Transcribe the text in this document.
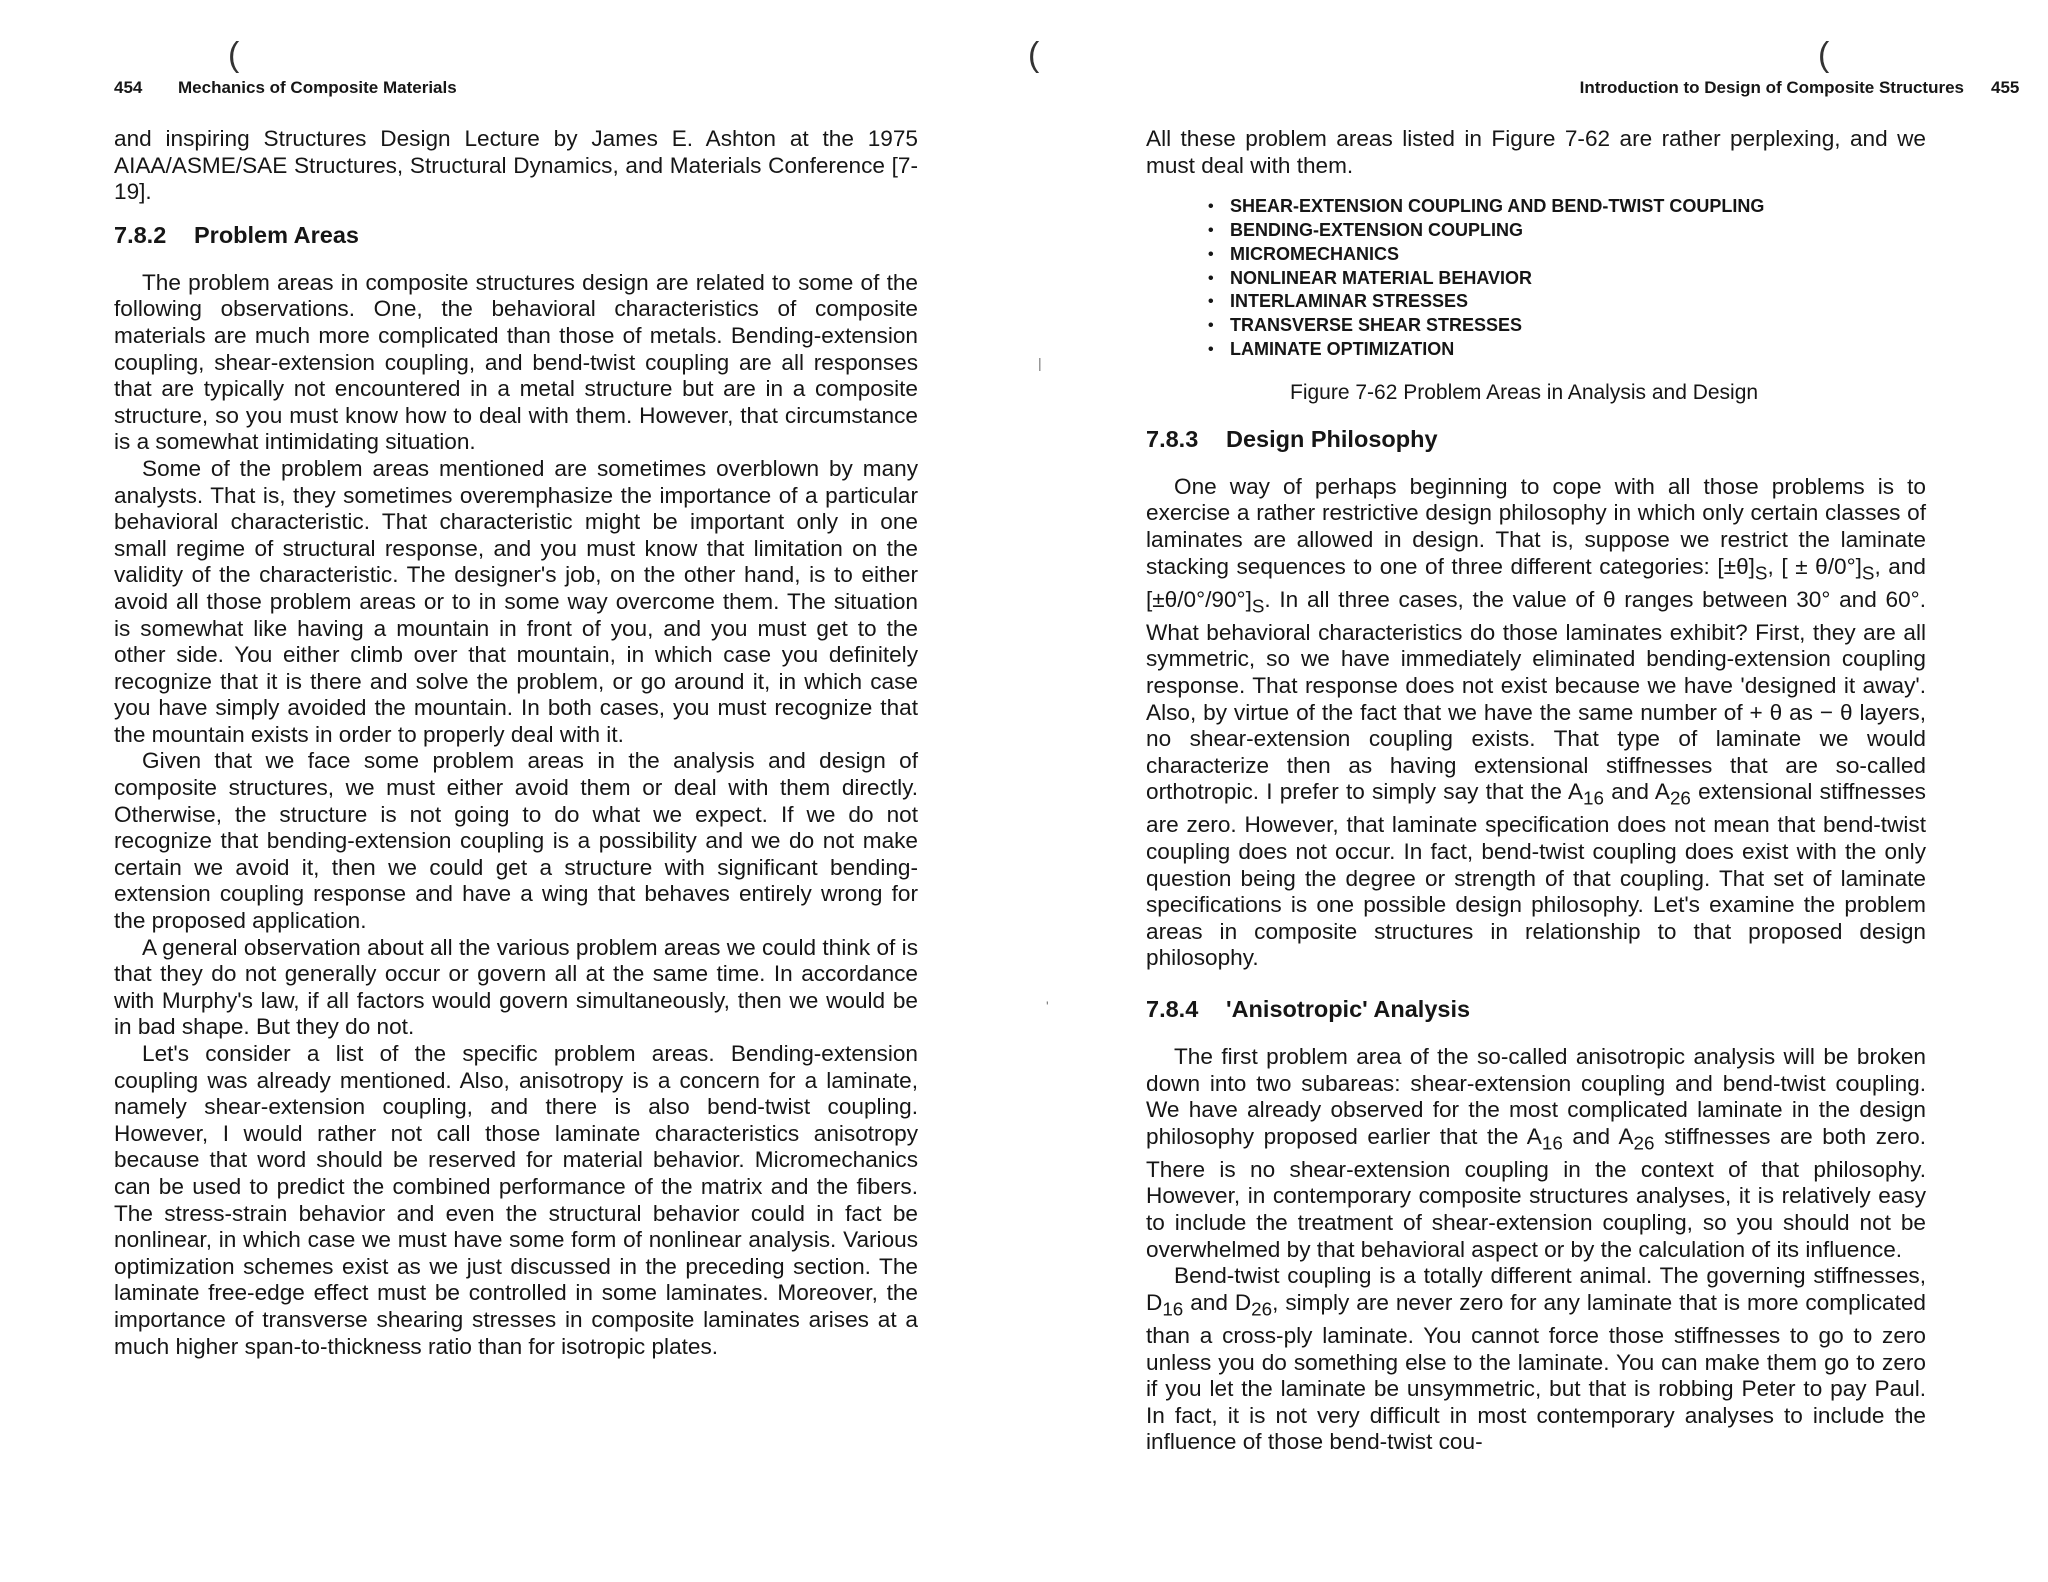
(
454 Mechanics of Composite Materials

and inspiring Structures Design Lecture by James E. Ashton at the 1975 AIAA/ASME/SAE Structures, Structural Dynamics, and Materials Conference [7-19].

7.8.2 Problem Areas

The problem areas in composite structures design are related to some of the following observations. One, the behavioral characteristics of composite materials are much more complicated than those of metals. Bending-extension coupling, shear-extension coupling, and bend-twist coupling are all responses that are typically not encountered in a metal structure but are in a composite structure, so you must know how to deal with them. However, that circumstance is a somewhat intimidating situation.

Some of the problem areas mentioned are sometimes overblown by many analysts. That is, they sometimes overemphasize the importance of a particular behavioral characteristic. That characteristic might be important only in one small regime of structural response, and you must know that limitation on the validity of the characteristic. The designer's job, on the other hand, is to either avoid all those problem areas or to in some way overcome them. The situation is somewhat like having a mountain in front of you, and you must get to the other side. You either climb over that mountain, in which case you definitely recognize that it is there and solve the problem, or go around it, in which case you have simply avoided the mountain. In both cases, you must recognize that the mountain exists in order to properly deal with it.

Given that we face some problem areas in the analysis and design of composite structures, we must either avoid them or deal with them directly. Otherwise, the structure is not going to do what we expect. If we do not recognize that bending-extension coupling is a possibility and we do not make certain we avoid it, then we could get a structure with significant bending-extension coupling response and have a wing that behaves entirely wrong for the proposed application.

A general observation about all the various problem areas we could think of is that they do not generally occur or govern all at the same time. In accordance with Murphy's law, if all factors would govern simultaneously, then we would be in bad shape. But they do not.

Let's consider a list of the specific problem areas. Bending-extension coupling was already mentioned. Also, anisotropy is a concern for a laminate, namely shear-extension coupling, and there is also bend-twist coupling. However, I would rather not call those laminate characteristics anisotropy because that word should be reserved for material behavior. Micromechanics can be used to predict the combined performance of the matrix and the fibers. The stress-strain behavior and even the structural behavior could in fact be nonlinear, in which case we must have some form of nonlinear analysis. Various optimization schemes exist as we just discussed in the preceding section. The laminate free-edge effect must be controlled in some laminates. Moreover, the importance of transverse shearing stresses in composite laminates arises at a much higher span-to-thickness ratio than for isotropic plates.

(	(
|
'
Introduction to Design of Composite Structures 455

All these problem areas listed in Figure 7-62 are rather perplexing, and we must deal with them.

• SHEAR-EXTENSION COUPLING AND BEND-TWIST COUPLING
• BENDING-EXTENSION COUPLING
• MICROMECHANICS
• NONLINEAR MATERIAL BEHAVIOR
• INTERLAMINAR STRESSES
• TRANSVERSE SHEAR STRESSES
• LAMINATE OPTIMIZATION

Figure 7-62 Problem Areas in Analysis and Design

7.8.3 Design Philosophy

One way of perhaps beginning to cope with all those problems is to exercise a rather restrictive design philosophy in which only certain classes of laminates are allowed in design. That is, suppose we restrict the laminate stacking sequences to one of three different categories: $[\pm\theta]_S$, [ ± $\theta/0^\circ]_S$, and $[\pm\theta/0^\circ/90^\circ]_S$. In all three cases, the value of θ ranges between 30° and 60°. What behavioral characteristics do those laminates exhibit? First, they are all symmetric, so we have immediately eliminated bending-extension coupling response. That response does not exist because we have 'designed it away'. Also, by virtue of the fact that we have the same number of + θ as − θ layers, no shear-extension coupling exists. That type of laminate we would characterize then as having extensional stiffnesses that are so-called orthotropic. I prefer to simply say that the $A_{16}$ and $A_{26}$ extensional stiffnesses are zero. However, that laminate specification does not mean that bend-twist coupling does not occur. In fact, bend-twist coupling does exist with the only question being the degree or strength of that coupling. That set of laminate specifications is one possible design philosophy. Let's examine the problem areas in composite structures in relationship to that proposed design philosophy.

7.8.4 'Anisotropic' Analysis

The first problem area of the so-called anisotropic analysis will be broken down into two subareas: shear-extension coupling and bend-twist coupling. We have already observed for the most complicated laminate in the design philosophy proposed earlier that the $A_{16}$ and $A_{26}$ stiffnesses are both zero. There is no shear-extension coupling in the context of that philosophy. However, in contemporary composite structures analyses, it is relatively easy to include the treatment of shear-extension coupling, so you should not be overwhelmed by that behavioral aspect or by the calculation of its influence.

Bend-twist coupling is a totally different animal. The governing stiffnesses, $D_{16}$ and $D_{26}$, simply are never zero for any laminate that is more complicated than a cross-ply laminate. You cannot force those stiffnesses to go to zero unless you do something else to the laminate. You can make them go to zero if you let the laminate be unsymmetric, but that is robbing Peter to pay Paul. In fact, it is not very difficult in most contemporary analyses to include the influence of those bend-twist cou-
